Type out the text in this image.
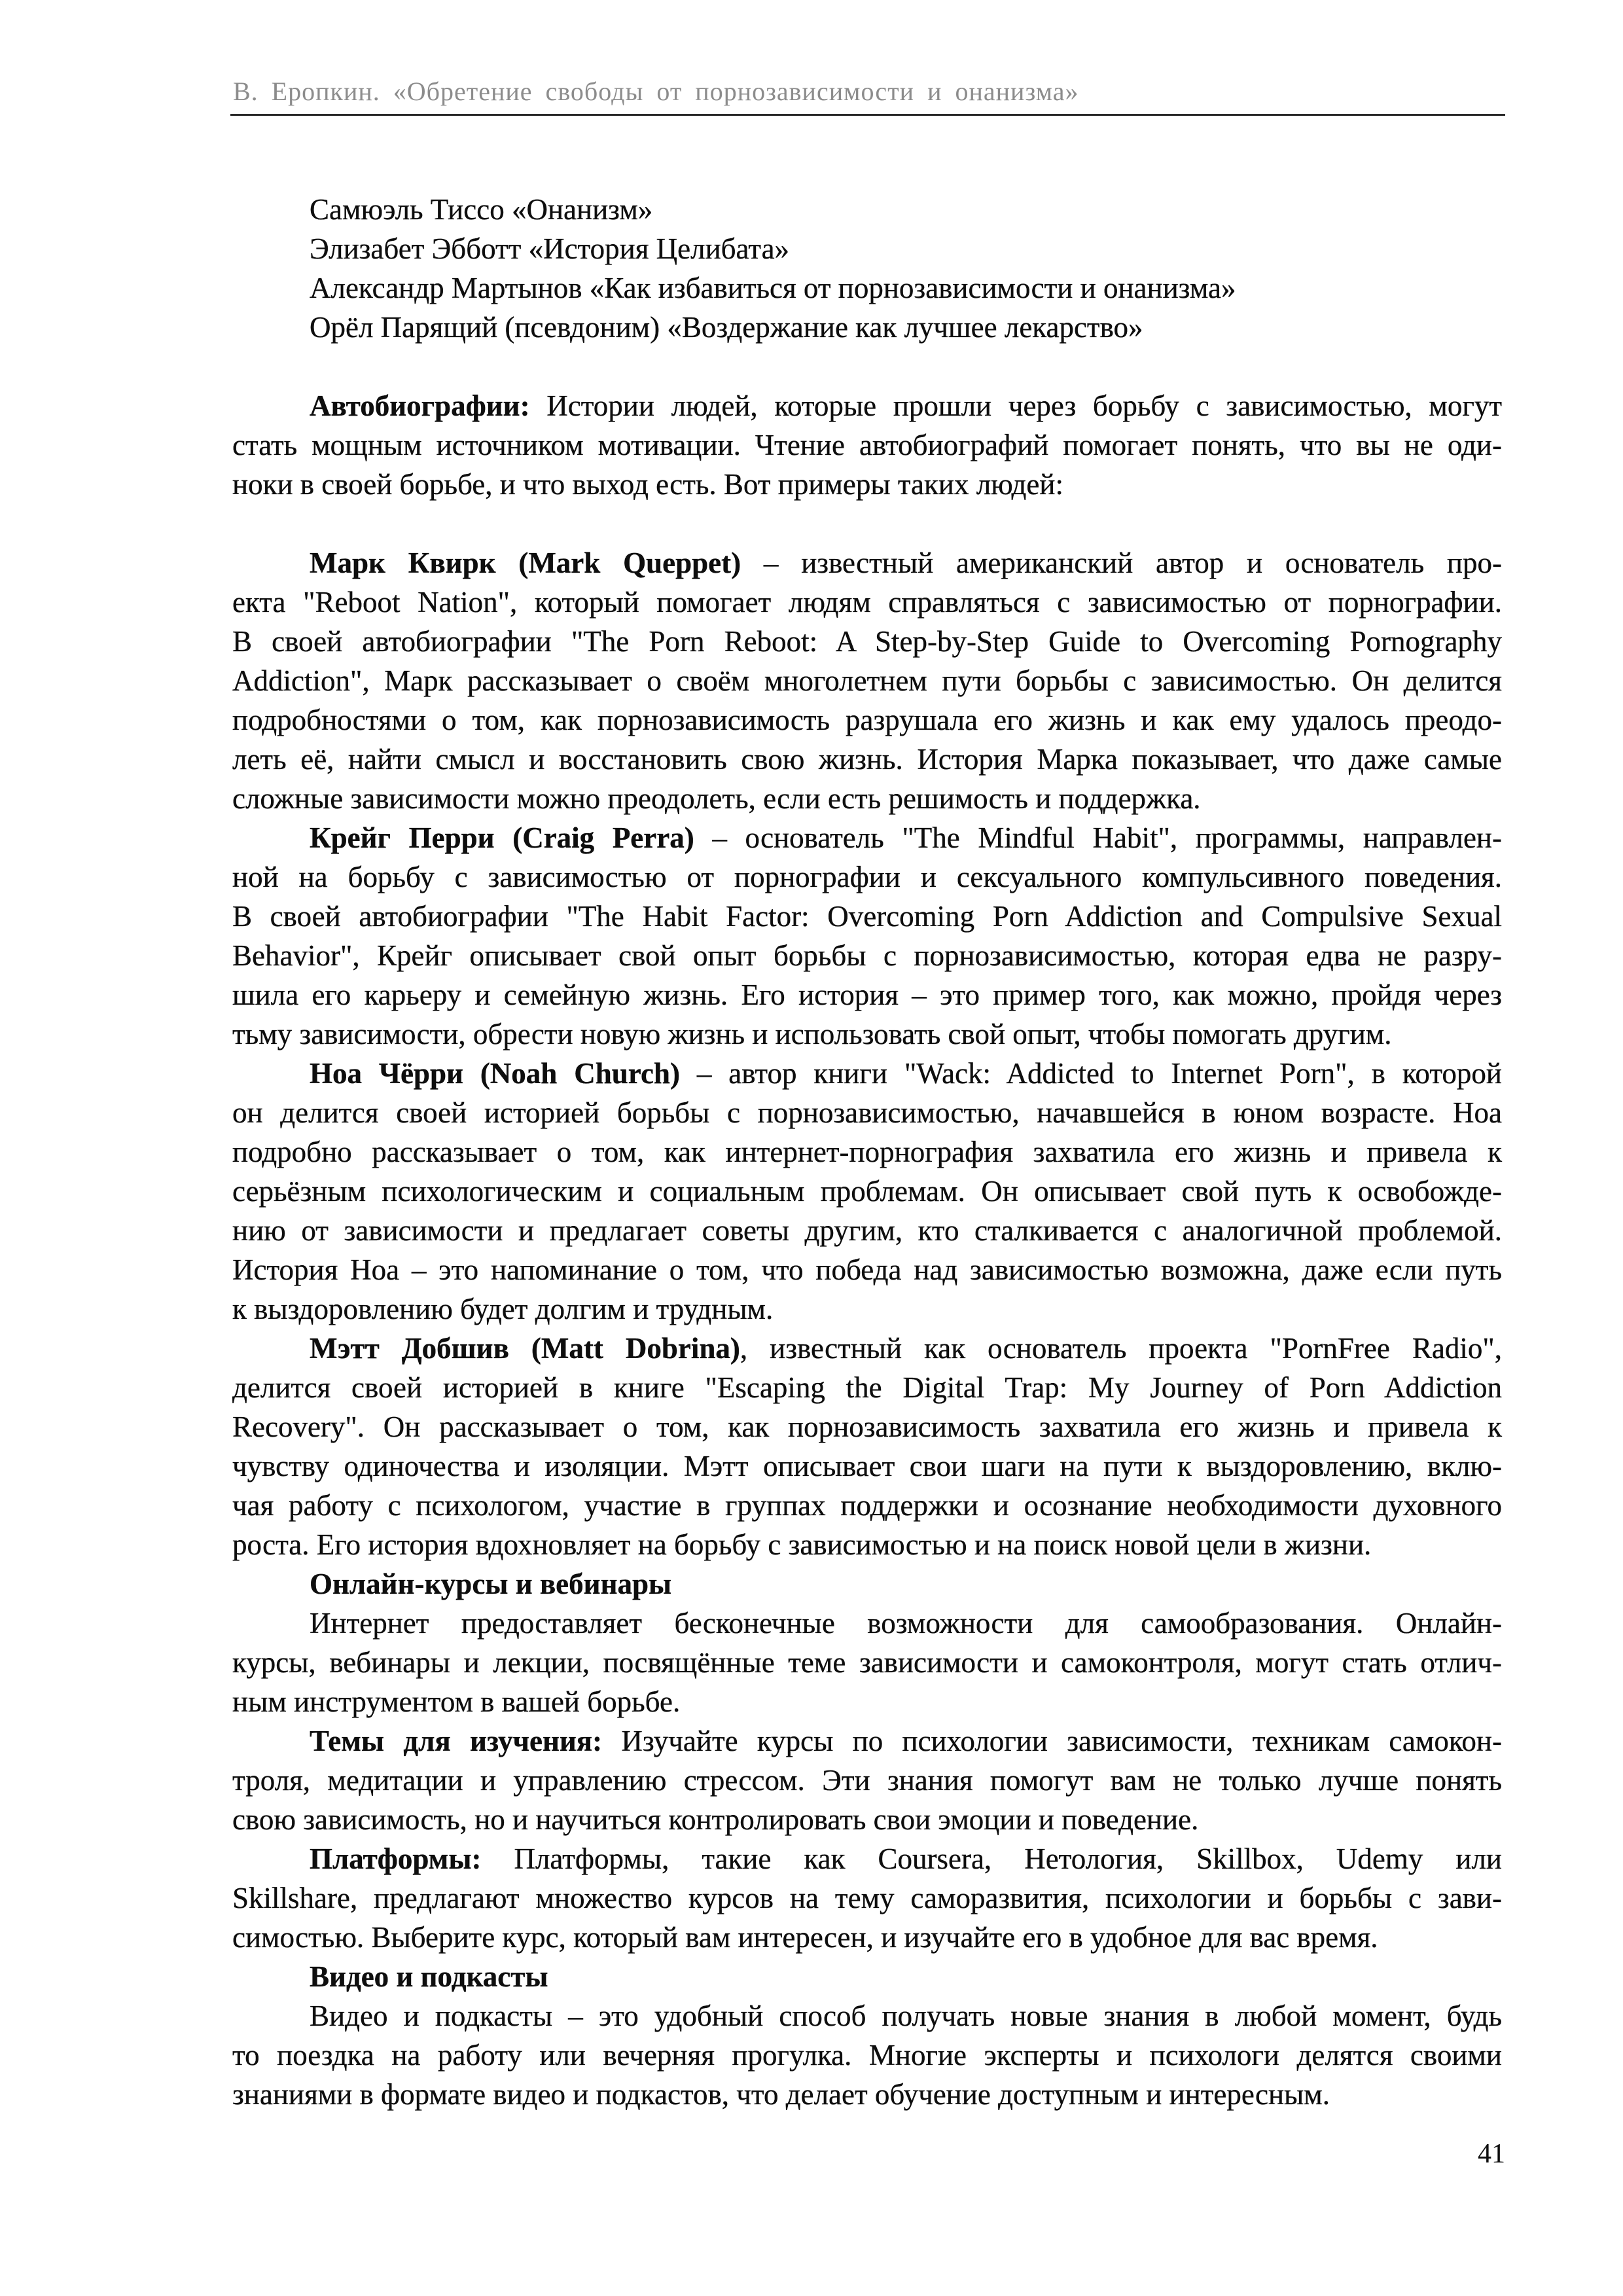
В. Еропкин. «Обретение свободы от порнозависимости и онанизма»
Самюэль Тиссо «Онанизм»
Элизабет Эбботт «История Целибата»
Александр Мартынов «Как избавиться от порнозависимости и онанизма»
Орёл Парящий (псевдоним) «Воздержание как лучшее лекарство»

Автобиографии: Истории людей, которые прошли через борьбу с зависимостью, могут
стать мощным источником мотивации. Чтение автобиографий помогает понять, что вы не оди-
ноки в своей борьбе, и что выход есть. Вот примеры таких людей:

Марк Квирк (Mark Queppet) – известный американский автор и основатель про-
екта "Reboot Nation", который помогает людям справляться с зависимостью от порнографии.
В своей автобиографии "The Porn Reboot: A Step-by-Step Guide to Overcoming Pornography
Addiction", Марк рассказывает о своём многолетнем пути борьбы с зависимостью. Он делится
подробностями о том, как порнозависимость разрушала его жизнь и как ему удалось преодо-
леть её, найти смысл и восстановить свою жизнь. История Марка показывает, что даже самые
сложные зависимости можно преодолеть, если есть решимость и поддержка.
Крейг Перри (Craig Perra) – основатель "The Mindful Habit", программы, направлен-
ной на борьбу с зависимостью от порнографии и сексуального компульсивного поведения.
В своей автобиографии "The Habit Factor: Overcoming Porn Addiction and Compulsive Sexual
Behavior", Крейг описывает свой опыт борьбы с порнозависимостью, которая едва не разру-
шила его карьеру и семейную жизнь. Его история – это пример того, как можно, пройдя через
тьму зависимости, обрести новую жизнь и использовать свой опыт, чтобы помогать другим.
Ноа Чёрри (Noah Church) – автор книги "Wack: Addicted to Internet Porn", в которой
он делится своей историей борьбы с порнозависимостью, начавшейся в юном возрасте. Ноа
подробно рассказывает о том, как интернет-порнография захватила его жизнь и привела к
серьёзным психологическим и социальным проблемам. Он описывает свой путь к освобожде-
нию от зависимости и предлагает советы другим, кто сталкивается с аналогичной проблемой.
История Ноа – это напоминание о том, что победа над зависимостью возможна, даже если путь
к выздоровлению будет долгим и трудным.
Мэтт Добшив (Matt Dobrina), известный как основатель проекта "PornFree Radio",
делится своей историей в книге "Escaping the Digital Trap: My Journey of Porn Addiction
Recovery". Он рассказывает о том, как порнозависимость захватила его жизнь и привела к
чувству одиночества и изоляции. Мэтт описывает свои шаги на пути к выздоровлению, вклю-
чая работу с психологом, участие в группах поддержки и осознание необходимости духовного
роста. Его история вдохновляет на борьбу с зависимостью и на поиск новой цели в жизни.
Онлайн-курсы и вебинары
Интернет предоставляет бесконечные возможности для самообразования. Онлайн-
курсы, вебинары и лекции, посвящённые теме зависимости и самоконтроля, могут стать отлич-
ным инструментом в вашей борьбе.
Темы для изучения: Изучайте курсы по психологии зависимости, техникам самокон-
троля, медитации и управлению стрессом. Эти знания помогут вам не только лучше понять
свою зависимость, но и научиться контролировать свои эмоции и поведение.
Платформы: Платформы, такие как Coursera, Нетология, Skillbox, Udemy или
Skillshare, предлагают множество курсов на тему саморазвития, психологии и борьбы с зави-
симостью. Выберите курс, который вам интересен, и изучайте его в удобное для вас время.
Видео и подкасты
Видео и подкасты – это удобный способ получать новые знания в любой момент, будь
то поездка на работу или вечерняя прогулка. Многие эксперты и психологи делятся своими
знаниями в формате видео и подкастов, что делает обучение доступным и интересным.
41
